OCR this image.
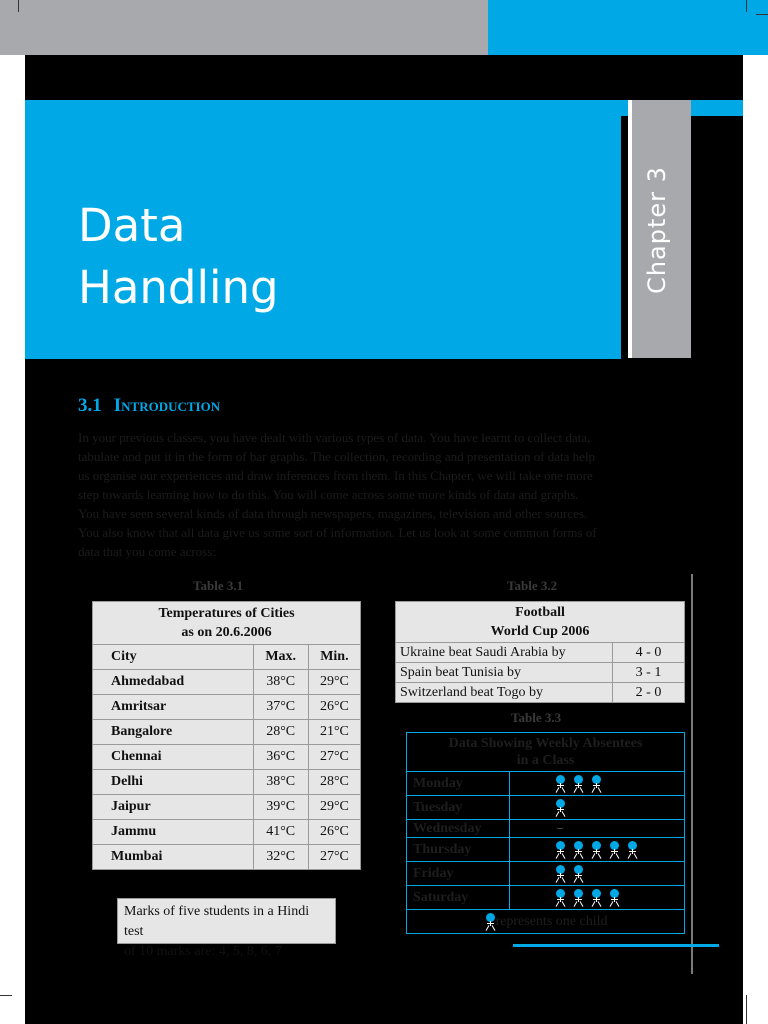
Data
Handling	Chapter 3
3.1 Introduction

In your previous classes, you have dealt with various types of data. You have learnt to collect data, tabulate and put it in the form of bar graphs. The collection, recording and presentation of data help us organise our experiences and draw inferences from them. In this Chapter, we will take one more step towards learning how to do this. You will come across some more kinds of data and graphs. You have seen several kinds of data through newspapers, magazines, television and other sources. You also know that all data give us some sort of information. Let us look at some common forms of data that you come across:

Table 3.1	Table 3.2
Table 3.3
Temperatures of Cities
as on 20.6.2006		

City	Max.	Min.
Ahmedabad	38°C	29°C
Amritsar	37°C	26°C
Bangalore	28°C	21°C
Chennai	36°C	27°C
Delhi	38°C	28°C
Jaipur	39°C	29°C
Jammu	41°C	26°C
Mumbai	32°C	27°C
Football
World Cup 2006	

Ukraine beat Saudi Arabia by	4 - 0
Spain beat Tunisia by	3 - 1
Switzerland beat Togo by	2 - 0
Data Showing Weekly Absentees
in a Class	

Monday	

Tuesday	

Wednesday	
Thursday	

Friday	

Saturday	

represents one child	
Marks of five students in a Hindi test
of 10 marks are: 4, 5, 8, 6, 7
